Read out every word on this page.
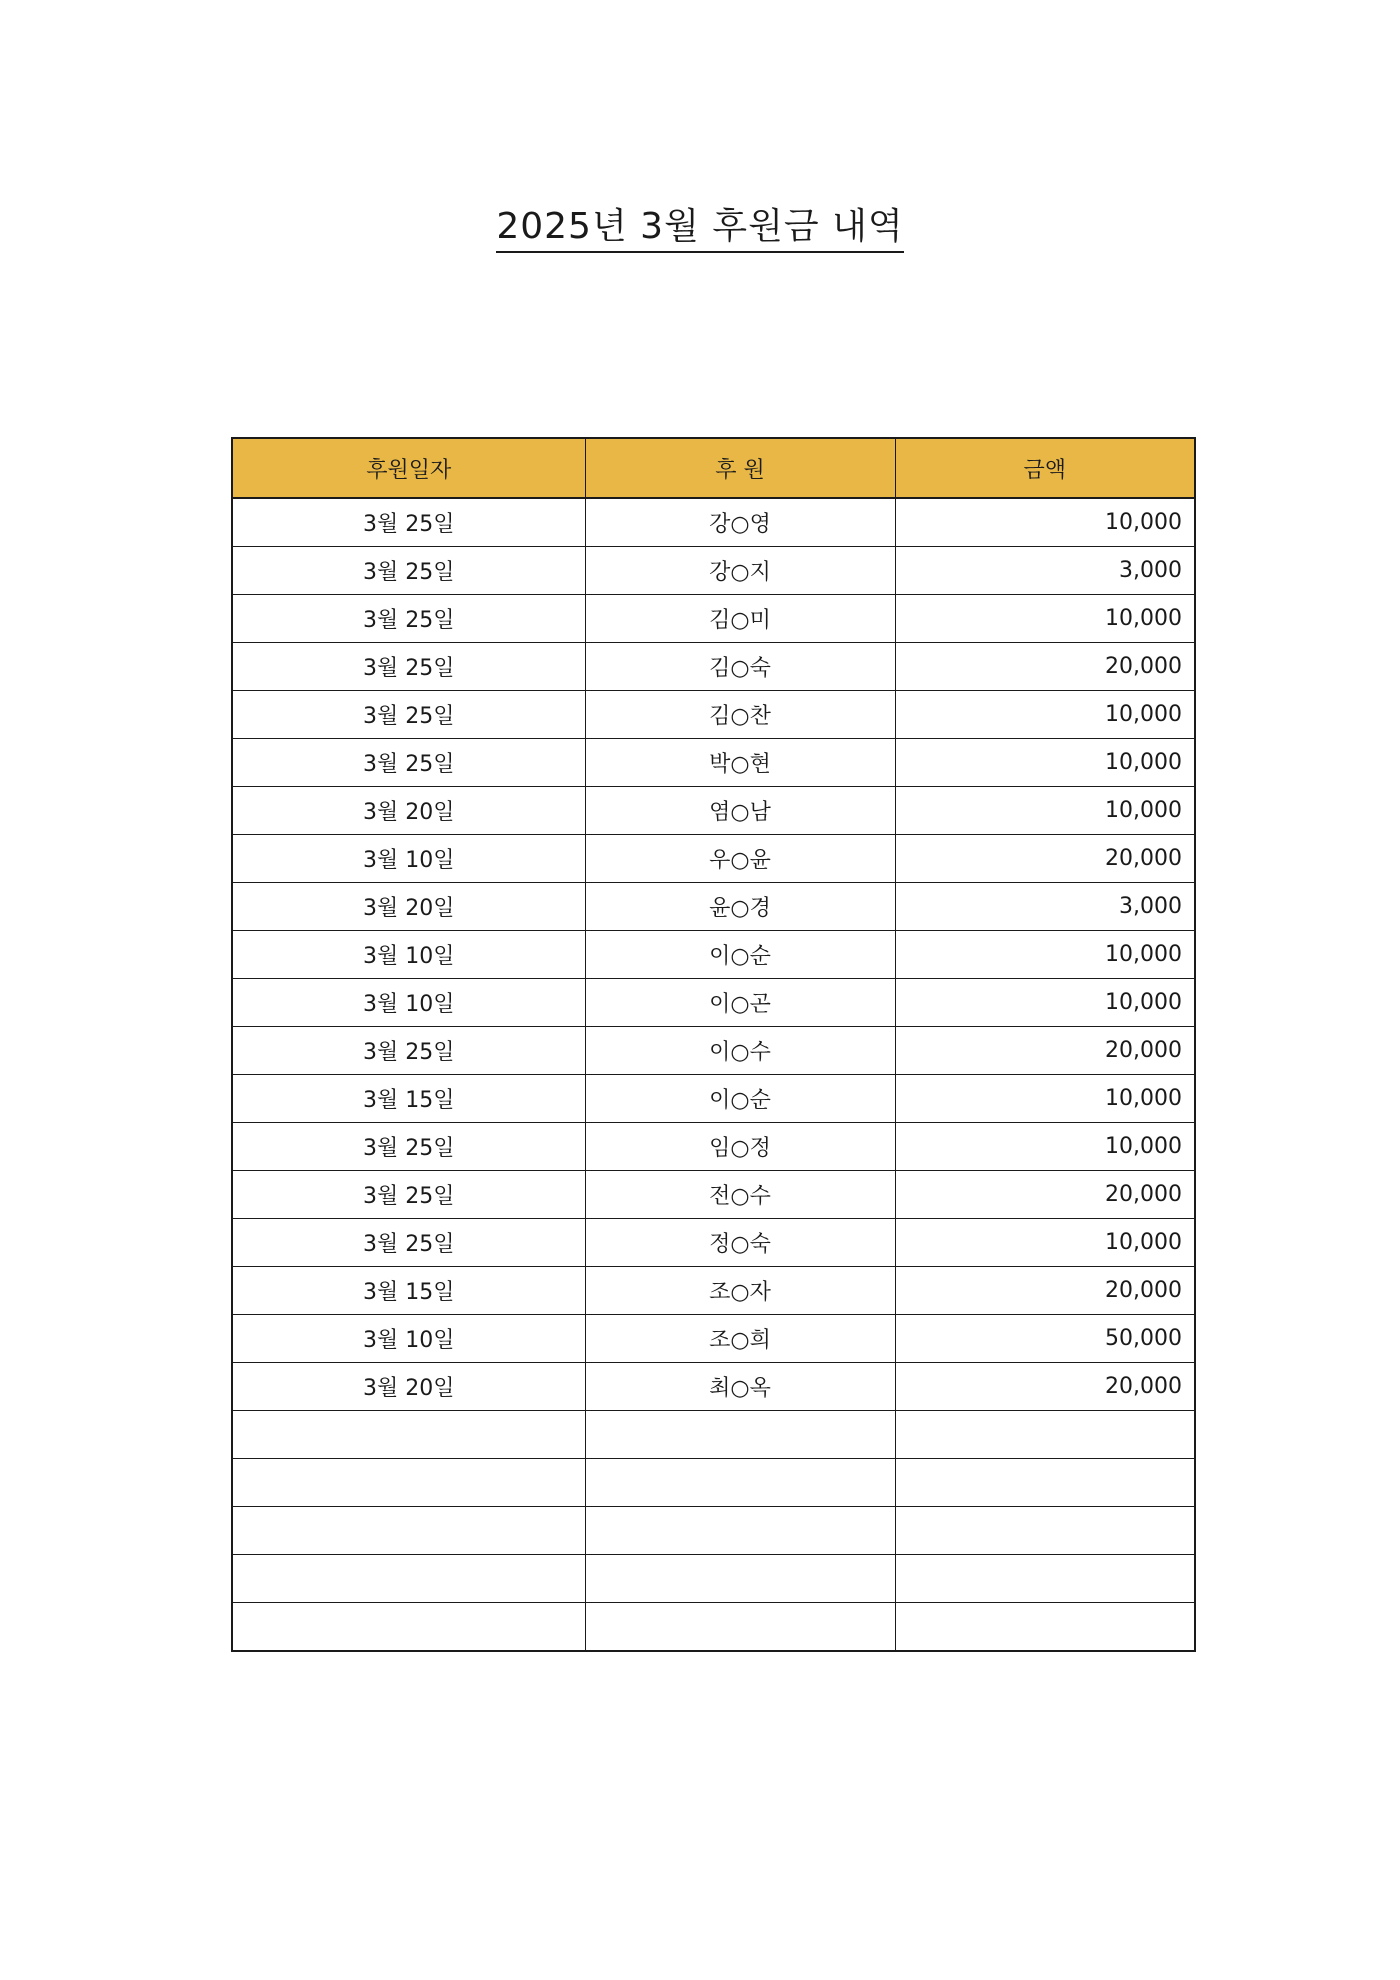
2025년 3월 후원금 내역
후원일자	후 원	금액
3월 25일	강○영	10,000
3월 25일	강○지	3,000
3월 25일	김○미	10,000
3월 25일	김○숙	20,000
3월 25일	김○찬	10,000
3월 25일	박○현	10,000
3월 20일	염○남	10,000
3월 10일	우○윤	20,000
3월 20일	윤○경	3,000
3월 10일	이○순	10,000
3월 10일	이○곤	10,000
3월 25일	이○수	20,000
3월 15일	이○순	10,000
3월 25일	임○정	10,000
3월 25일	전○수	20,000
3월 25일	정○숙	10,000
3월 15일	조○자	20,000
3월 10일	조○희	50,000
3월 20일	최○옥	20,000
